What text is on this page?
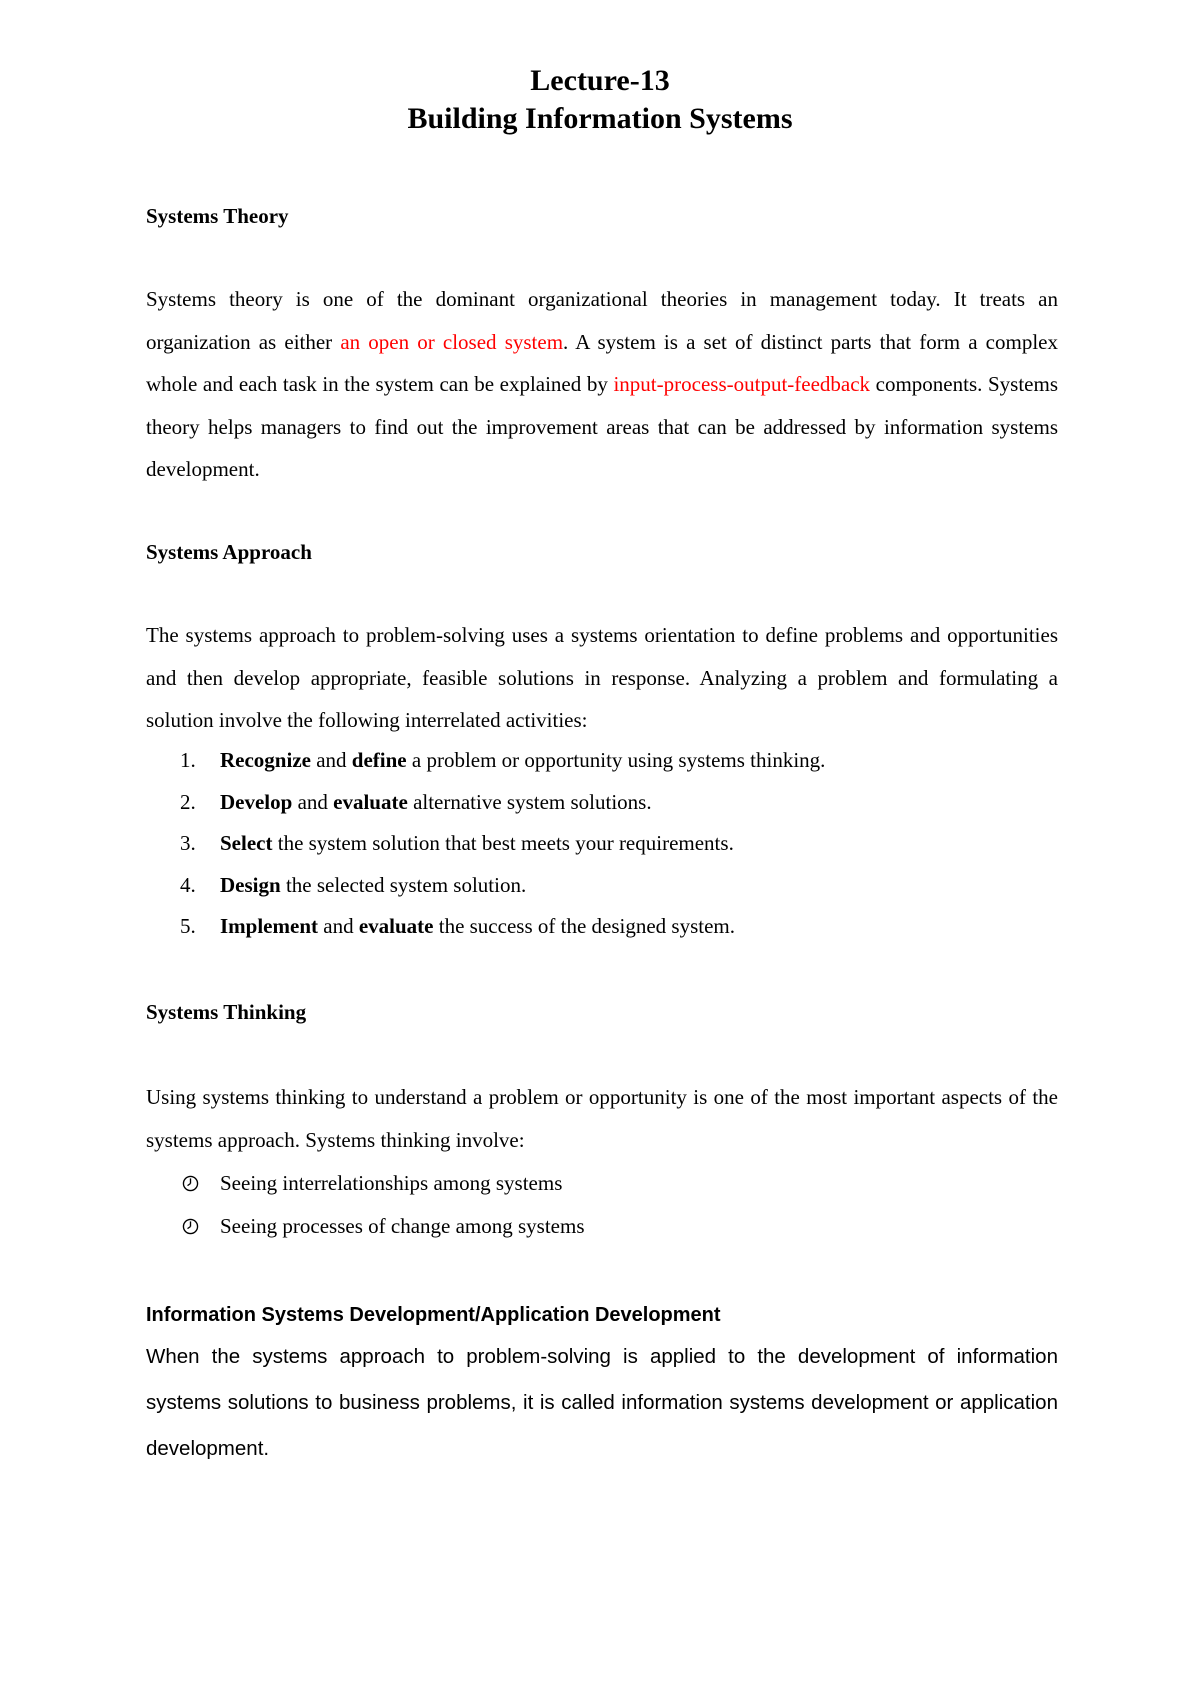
Lecture-13
Building Information Systems
Systems Theory

Systems theory is one of the dominant organizational theories in management today. It treats an organization as either an open or closed system. A system is a set of distinct parts that form a complex whole and each task in the system can be explained by input-process-output-feedback components. Systems theory helps managers to find out the improvement areas that can be addressed by information systems development.

Systems Approach

The systems approach to problem-solving uses a systems orientation to define problems and opportunities and then develop appropriate, feasible solutions in response. Analyzing a problem and formulating a solution involve the following interrelated activities:

1. Recognize and define a problem or opportunity using systems thinking.
2. Develop and evaluate alternative system solutions.
3. Select the system solution that best meets your requirements.
4. Design the selected system solution.
5. Implement and evaluate the success of the designed system.
Systems Thinking

Using systems thinking to understand a problem or opportunity is one of the most important aspects of the systems approach. Systems thinking involve:

Seeing interrelationships among systems
Seeing processes of change among systems
Information Systems Development/Application Development

When the systems approach to problem-solving is applied to the development of information systems solutions to business problems, it is called information systems development or application development.
